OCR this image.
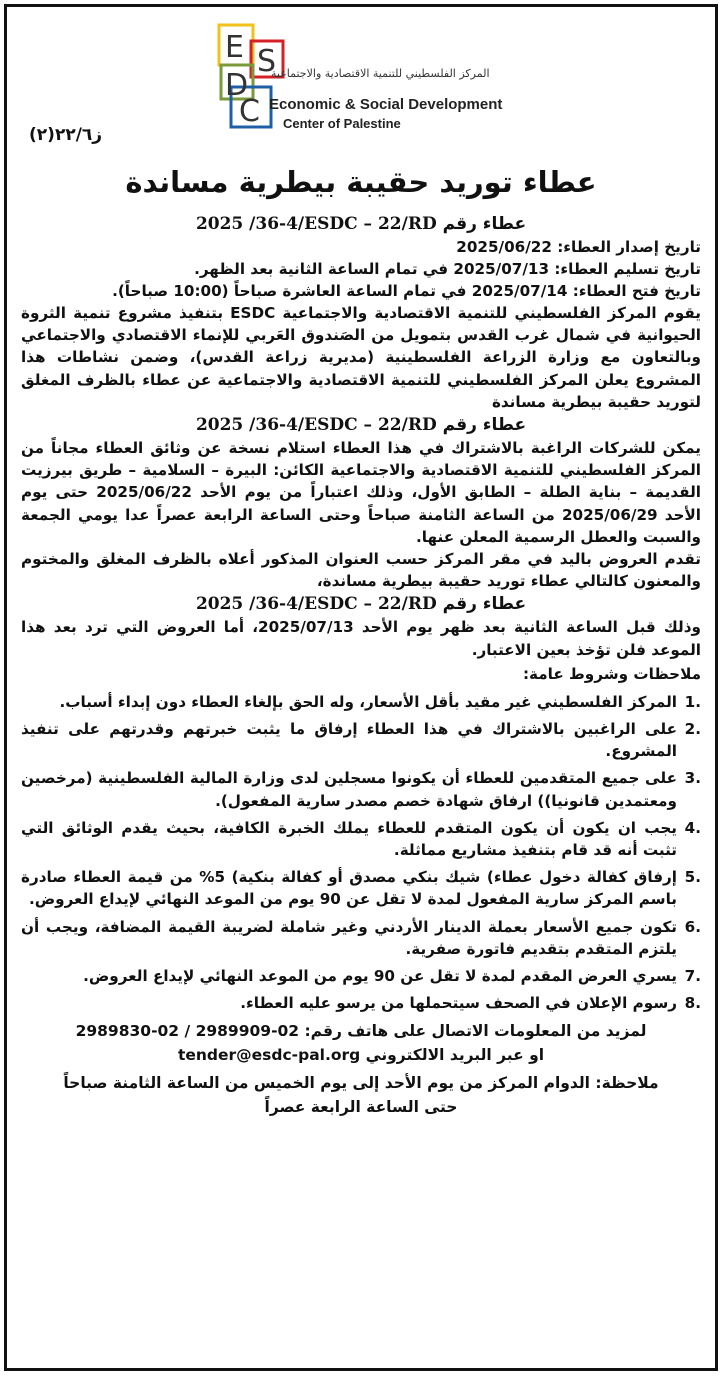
E S
D
C
المركز الفلسطيني للتنمية الاقتصادية والاجتماعية
Economic & Social Development
Center of Palestine
ز٢٢/٦(٢)
عطاء توريد حقيبة بيطرية مساندة
عطاء رقم 2025 /36-4/ESDC – 22/RD
تاريخ إصدار العطاء: 2025/06/22
تاريخ تسليم العطاء: 2025/07/13 في تمام الساعة الثانية بعد الظهر.
تاريخ فتح العطاء: 2025/07/14 في تمام الساعة العاشرة صباحاً (10:00 صباحاً).
يقوم المركز الفلسطيني للتنمية الاقتصادية والاجتماعية ESDC بتنفيذ مشروع تنمية الثروة الحيوانية في شمال غرب القدس بتمويل من الصَندوق العَربي للإنماء الاقتصادي والاجتماعي وبالتعاون مع وزارة الزراعة الفلسطينية (مديرية زراعة القدس)، وضمن نشاطات هذا المشروع يعلن المركز الفلسطيني للتنمية الاقتصادية والاجتماعية عن عطاء بالظرف المغلق لتوريد حقيبة بيطرية مساندة
عطاء رقم 2025 /36-4/ESDC – 22/RD
يمكن للشركات الراغبة بالاشتراك في هذا العطاء استلام نسخة عن وثائق العطاء مجاناً من المركز الفلسطيني للتنمية الاقتصادية والاجتماعية الكائن: البيرة – السلامية – طريق بيرزيت القديمة – بناية الطلة – الطابق الأول، وذلك اعتباراً من يوم الأحد 2025/06/22 حتى يوم الأحد 2025/06/29 من الساعة الثامنة صباحاً وحتى الساعة الرابعة عصراً عدا يومي الجمعة والسبت والعطل الرسمية المعلن عنها.
تقدم العروض باليد في مقر المركز حسب العنوان المذكور أعلاه بالظرف المغلق والمختوم والمعنون كالتالي عطاء توريد حقيبة بيطرية مساندة،
عطاء رقم 2025 /36-4/ESDC – 22/RD
وذلك قبل الساعة الثانية بعد ظهر يوم الأحد 2025/07/13، أما العروض التي ترد بعد هذا الموعد فلن تؤخذ بعين الاعتبار.
ملاحظات وشروط عامة:
1.
المركز الفلسطيني غير مقيد بأقل الأسعار، وله الحق بإلغاء العطاء دون إبداء أسباب.
2.
على الراغبين بالاشتراك في هذا العطاء إرفاق ما يثبت خبرتهم وقدرتهم على تنفيذ المشروع.
3.
على جميع المتقدمين للعطاء أن يكونوا مسجلين لدى وزارة المالية الفلسطينية (مرخصين ومعتمدين قانونيا)) ارفاق شهادة خصم مصدر سارية المفعول).
4.
يجب ان يكون أن يكون المتقدم للعطاء يملك الخبرة الكافية، بحيث يقدم الوثائق التي تثبت أنه قد قام بتنفيذ مشاريع مماثلة.
5.
إرفاق كفالة دخول عطاء) شيك بنكي مصدق أو كفالة بنكية) 5% من قيمة العطاء صادرة باسم المركز سارية المفعول لمدة لا تقل عن 90 يوم من الموعد النهائي لإيداع العروض.
6.
تكون جميع الأسعار بعملة الدينار الأردني وغير شاملة لضريبة القيمة المضافة، ويجب أن يلتزم المتقدم بتقديم فاتورة صفرية.
7.
يسري العرض المقدم لمدة لا تقل عن 90 يوم من الموعد النهائي لإيداع العروض.
8.
رسوم الإعلان في الصحف سيتحملها من يرسو عليه العطاء.
لمزيد من المعلومات الاتصال على هاتف رقم: 02-2989909 / 02-2989830
او عبر البريد الالكتروني tender@esdc-pal.org
ملاحظة: الدوام المركز من يوم الأحد إلى يوم الخميس من الساعة الثامنة صباحاً
حتى الساعة الرابعة عصراً
